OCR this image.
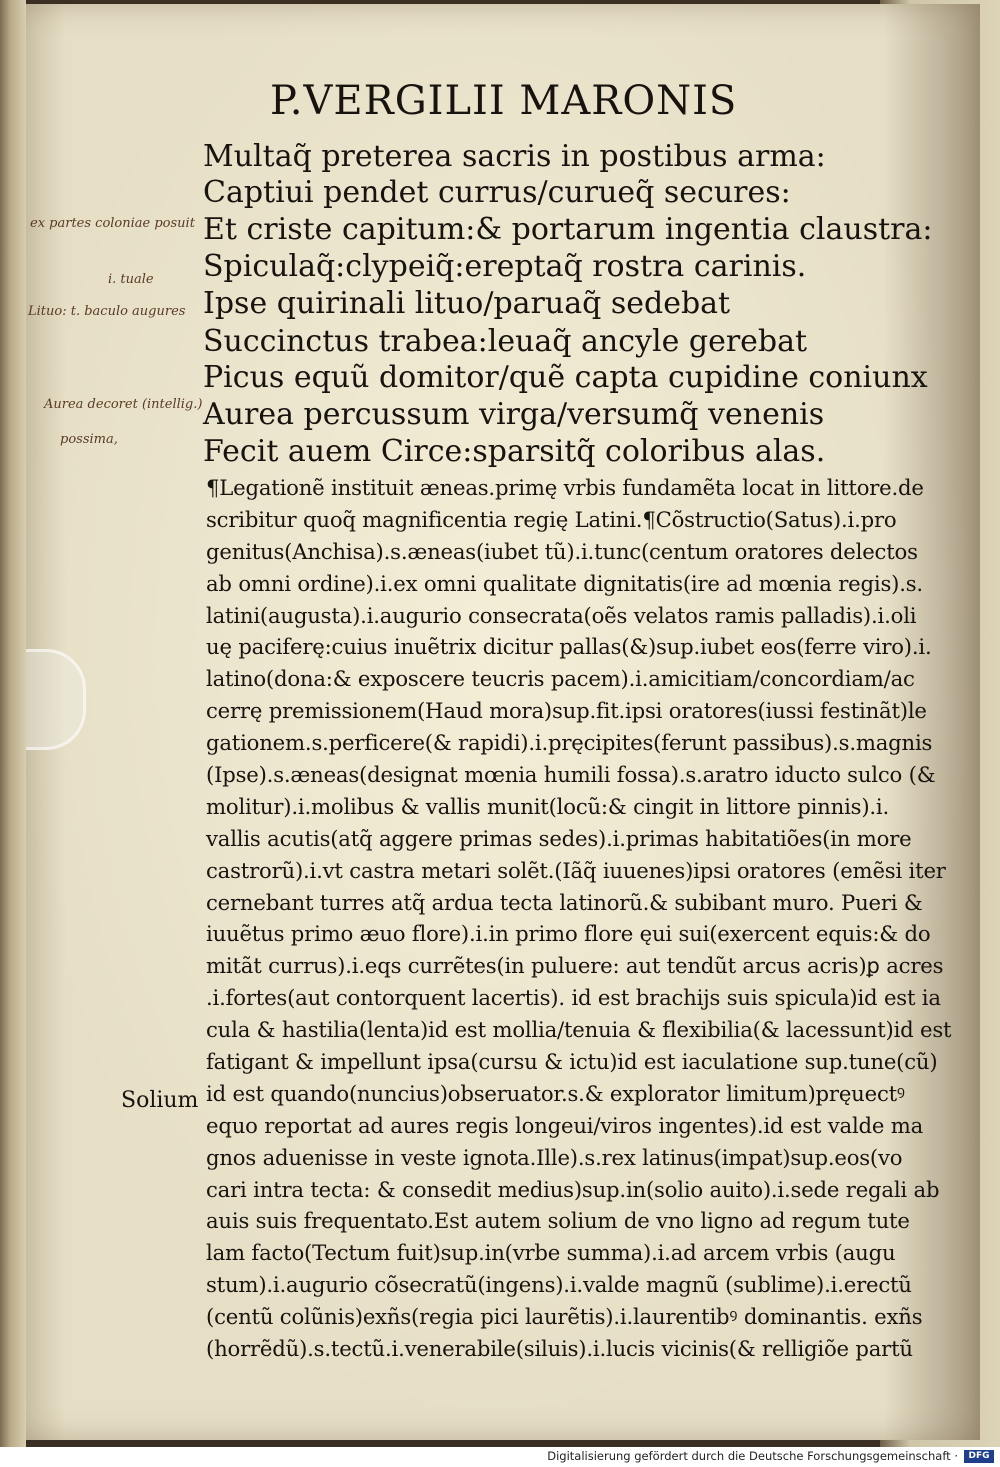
P.VERGILII MARONIS
Multaq̃ preterea sacris in postibus arma:
Captiui pendet currus/curueq̃ secures:
Et criste capitum:& portarum ingentia claustra:
Spiculaq̃:clypeiq̃:ereptaq̃ rostra carinis.
Ipse quirinali lituo/paruaq̃ sedebat
Succinctus trabea:leuaq̃ ancyle gerebat
Picus equũ domitor/quẽ capta cupidine coniunx
Aurea percussum virga/versumq̃ venenis
Fecit auem Circe:sparsitq̃ coloribus alas.
¶Legationẽ instituit æneas.primę vrbis fundamẽta locat in littore.de
scribitur quoq̃ magnificentia regię Latini.¶Cõstructio(Satus).i.pro
genitus(Anchisa).s.æneas(iubet tũ).i.tunc(centum oratores delectos
ab omni ordine).i.ex omni qualitate dignitatis(ire ad mœnia regis).s.
latini(augusta).i.augurio consecrata(oẽs velatos ramis palladis).i.oli
uę paciferę:cuius inuẽtrix dicitur pallas(&)sup.iubet eos(ferre viro).i.
latino(dona:& exposcere teucris pacem).i.amicitiam/concordiam/ac
cerrę premissionem(Haud mora)sup.fit.ipsi oratores(iussi festinãt)le
gationem.s.perficere(& rapidi).i.pręcipites(ferunt passibus).s.magnis
(Ipse).s.æneas(designat mœnia humili fossa).s.aratro iducto sulco (&
molitur).i.molibus & vallis munit(locũ:& cingit in littore pinnis).i.
vallis acutis(atq̃ aggere primas sedes).i.primas habitatiões(in more
castrorũ).i.vt castra metari solẽt.(Iãq̃ iuuenes)ipsi oratores (emẽsi iter
cernebant turres atq̃ ardua tecta latinorũ.& subibant muro. Pueri &
iuuẽtus primo æuo flore).i.in primo flore ęui sui(exercent equis:& do
mitãt currus).i.eqs currẽtes(in puluere: aut tendũt arcus acris)ꝑ acres
.i.fortes(aut contorquent lacertis). id est brachijs suis spicula)id est ia
cula & hastilia(lenta)id est mollia/tenuia & flexibilia(& lacessunt)id est
fatigant & impellunt ipsa(cursu & ictu)id est iaculatione sup.tune(cũ)
id est quando(nuncius)obseruator.s.& explorator limitum)pręuectꝰ
equo reportat ad aures regis longeui/viros ingentes).id est valde ma
gnos aduenisse in veste ignota.Ille).s.rex latinus(impat)sup.eos(vo
cari intra tecta: & consedit medius)sup.in(solio auito).i.sede regali ab
auis suis frequentato.Est autem solium de vno ligno ad regum tute
lam facto(Tectum fuit)sup.in(vrbe summa).i.ad arcem vrbis (augu
stum).i.augurio cõsecratũ(ingens).i.valde magnũ (sublime).i.erectũ
(centũ colũnis)exñs(regia pici laurẽtis).i.laurentibꝰ dominantis. exñs
(horrẽdũ).s.tectũ.i.venerabile(siluis).i.lucis vicinis(& relligiõe partũ
Solium
ex partes coloniae posuit
i. tuale
Lituo: t. baculo augures
Aurea decoret (intellig.)
possima,
Digitalisierung gefördert durch die Deutsche Forschungsgemeinschaft ·	DFG
